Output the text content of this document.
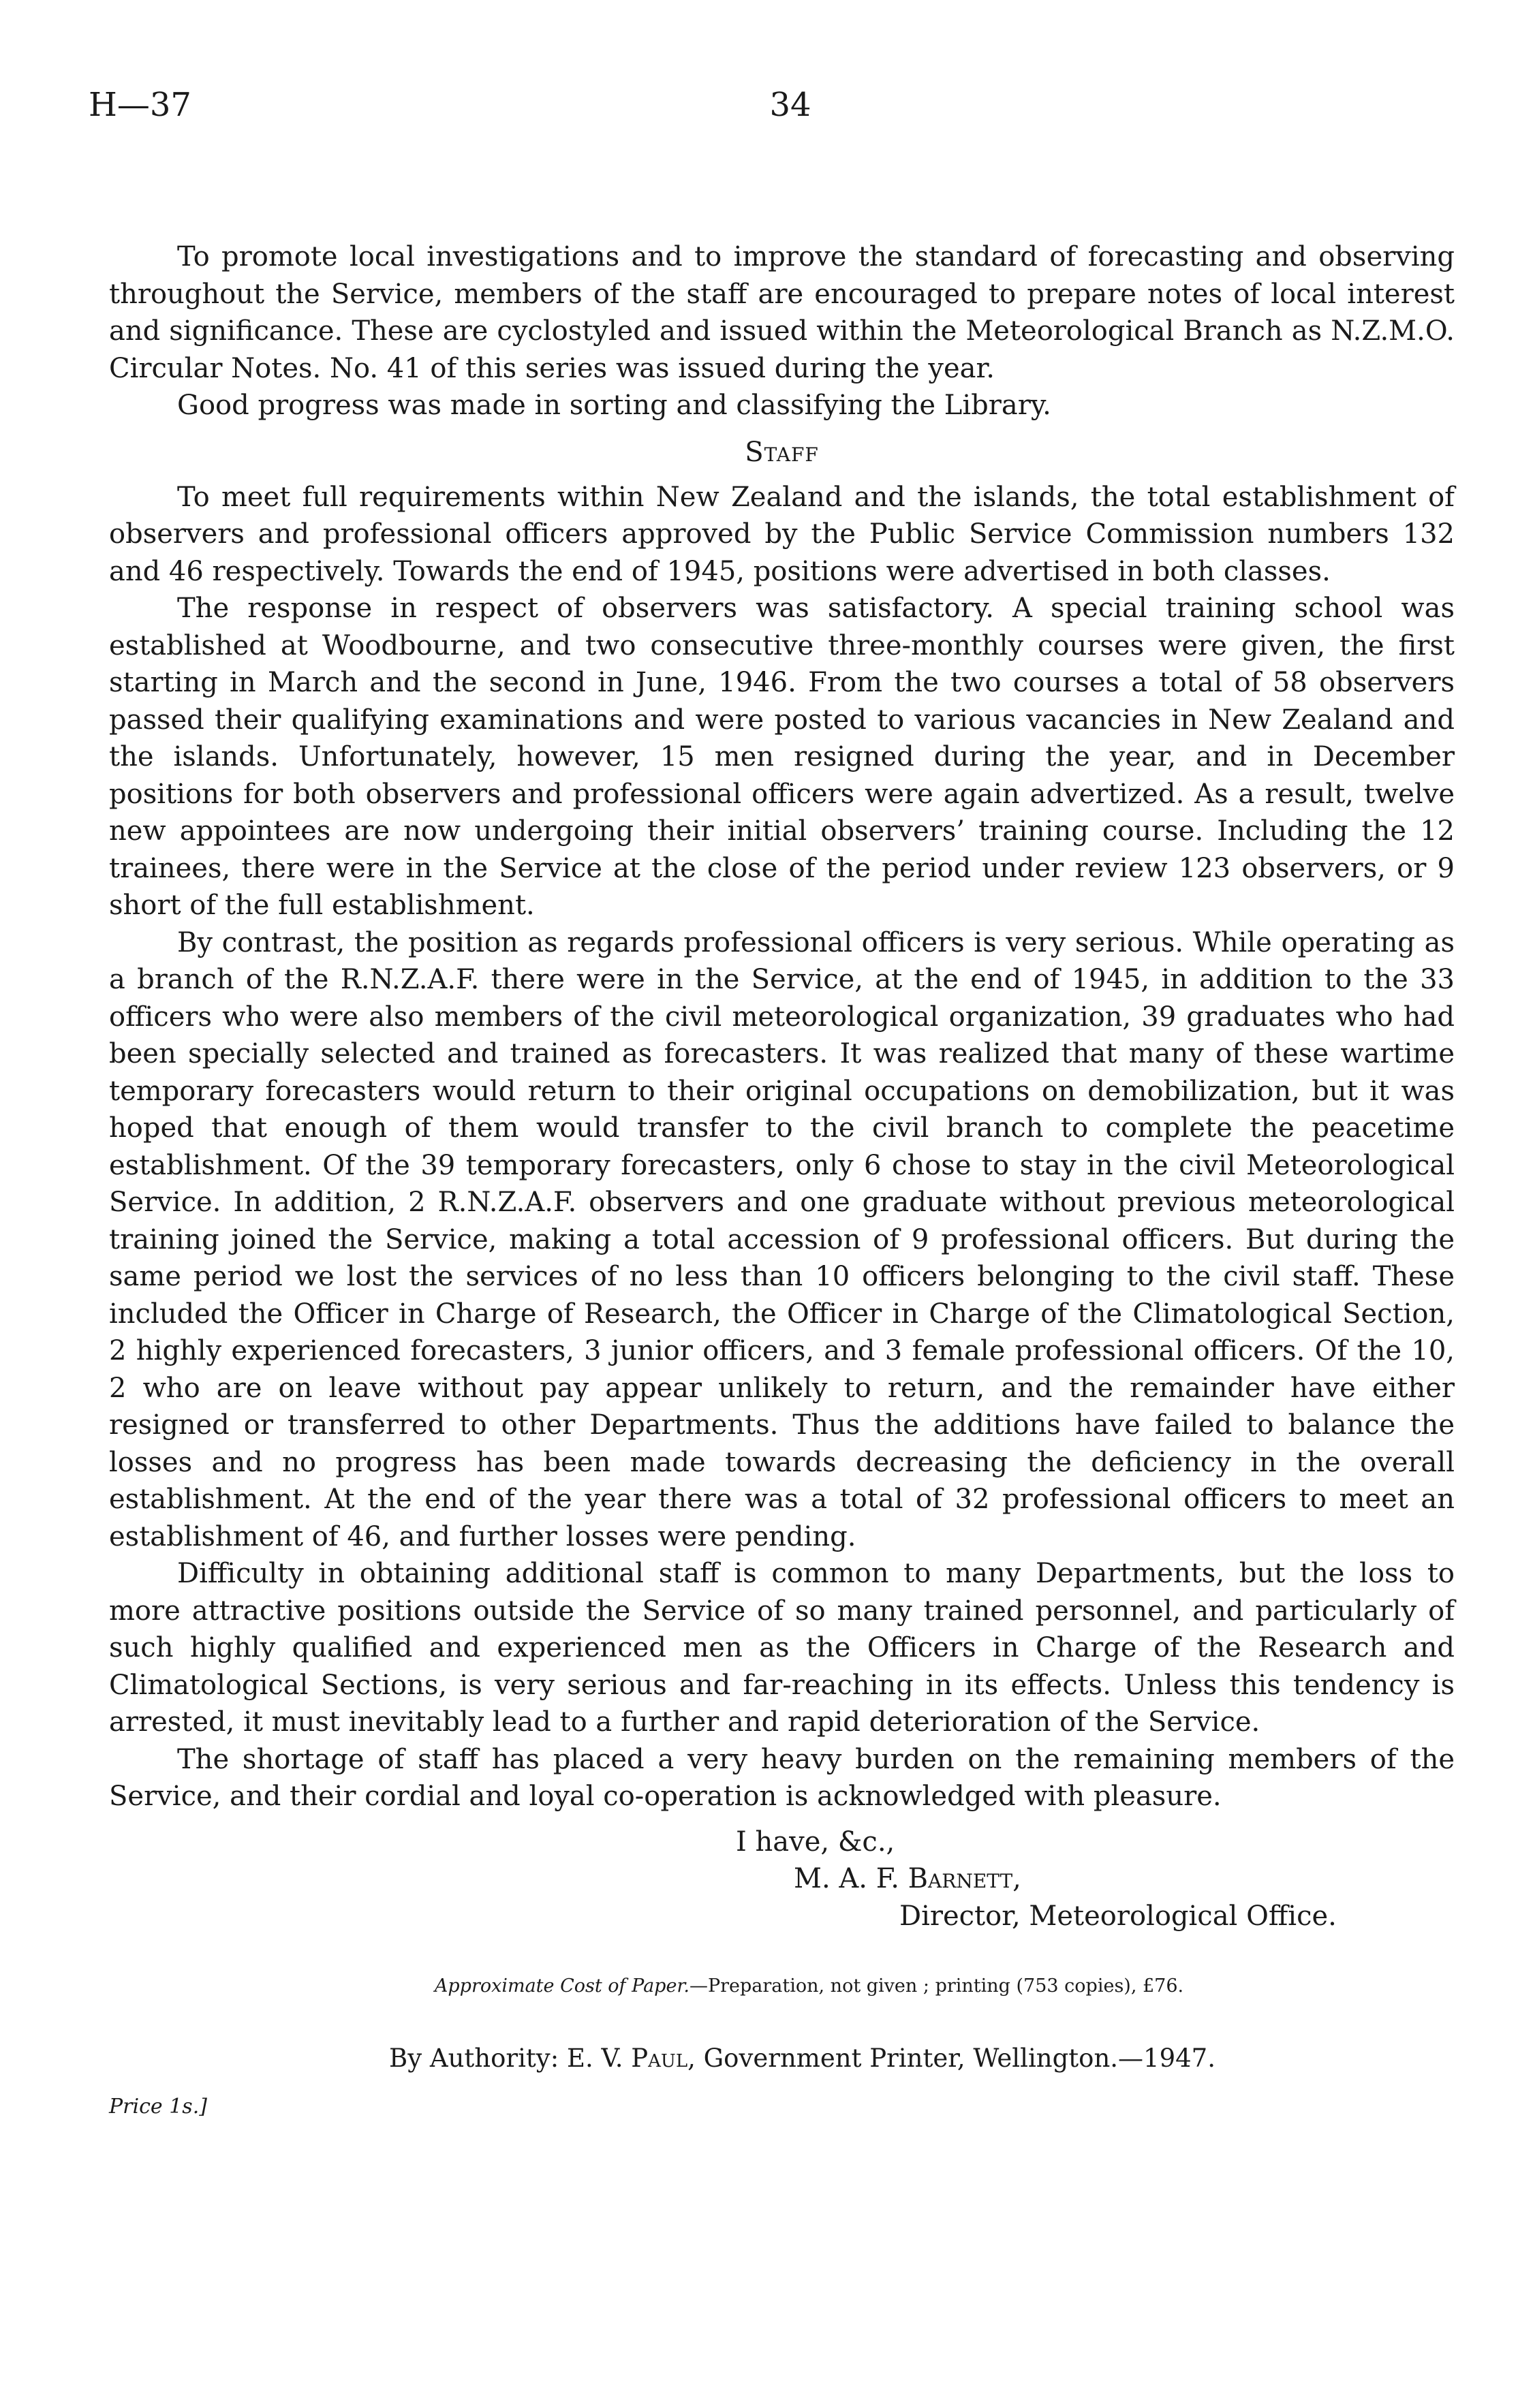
H—37	34

To promote local investigations and to improve the standard of forecasting and observing throughout the Service, members of the staff are encouraged to prepare notes of local interest and significance. These are cyclostyled and issued within the Meteorological Branch as N.Z.M.O. Circular Notes. No. 41 of this series was issued during the year.

Good progress was made in sorting and classifying the Library.

Staff

To meet full requirements within New Zealand and the islands, the total establishment of observers and professional officers approved by the Public Service Commission numbers 132 and 46 respectively. Towards the end of 1945, positions were advertised in both classes.

The response in respect of observers was satisfactory. A special training school was established at Woodbourne, and two consecutive three-monthly courses were given, the first starting in March and the second in June, 1946. From the two courses a total of 58 observers passed their qualifying examinations and were posted to various vacancies in New Zealand and the islands. Unfortunately, however, 15 men resigned during the year, and in December positions for both observers and professional officers were again advertized. As a result, twelve new appointees are now undergoing their initial observers’ training course. Including the 12 trainees, there were in the Service at the close of the period under review 123 observers, or 9 short of the full establishment.

By contrast, the position as regards professional officers is very serious. While operating as a branch of the R.N.Z.A.F. there were in the Service, at the end of 1945, in addition to the 33 officers who were also members of the civil meteorological organization, 39 graduates who had been specially selected and trained as forecasters. It was realized that many of these wartime temporary forecasters would return to their original occupations on demobilization, but it was hoped that enough of them would transfer to the civil branch to complete the peacetime establishment. Of the 39 temporary forecasters, only 6 chose to stay in the civil Meteorological Service. In addition, 2 R.N.Z.A.F. observers and one graduate without previous meteorological training joined the Service, making a total accession of 9 professional officers. But during the same period we lost the services of no less than 10 officers belonging to the civil staff. These included the Officer in Charge of Research, the Officer in Charge of the Climatological Section, 2 highly experienced forecasters, 3 junior officers, and 3 female professional officers. Of the 10, 2 who are on leave without pay appear unlikely to return, and the remainder have either resigned or transferred to other Departments. Thus the additions have failed to balance the losses and no progress has been made towards decreasing the deficiency in the overall establishment. At the end of the year there was a total of 32 professional officers to meet an establishment of 46, and further losses were pending.

Difficulty in obtaining additional staff is common to many Departments, but the loss to more attractive positions outside the Service of so many trained personnel, and particularly of such highly qualified and experienced men as the Officers in Charge of the Research and Climatological Sections, is very serious and far-reaching in its effects. Unless this tendency is arrested, it must inevitably lead to a further and rapid deterioration of the Service.

The shortage of staff has placed a very heavy burden on the remaining members of the Service, and their cordial and loyal co-operation is acknowledged with pleasure.

I have, &c.,
M. A. F. Barnett,
Director, Meteorological Office.
Approximate Cost of Paper.—Preparation, not given ; printing (753 copies), £76.
By Authority: E. V. Paul, Government Printer, Wellington.—1947.
Price 1s.]
